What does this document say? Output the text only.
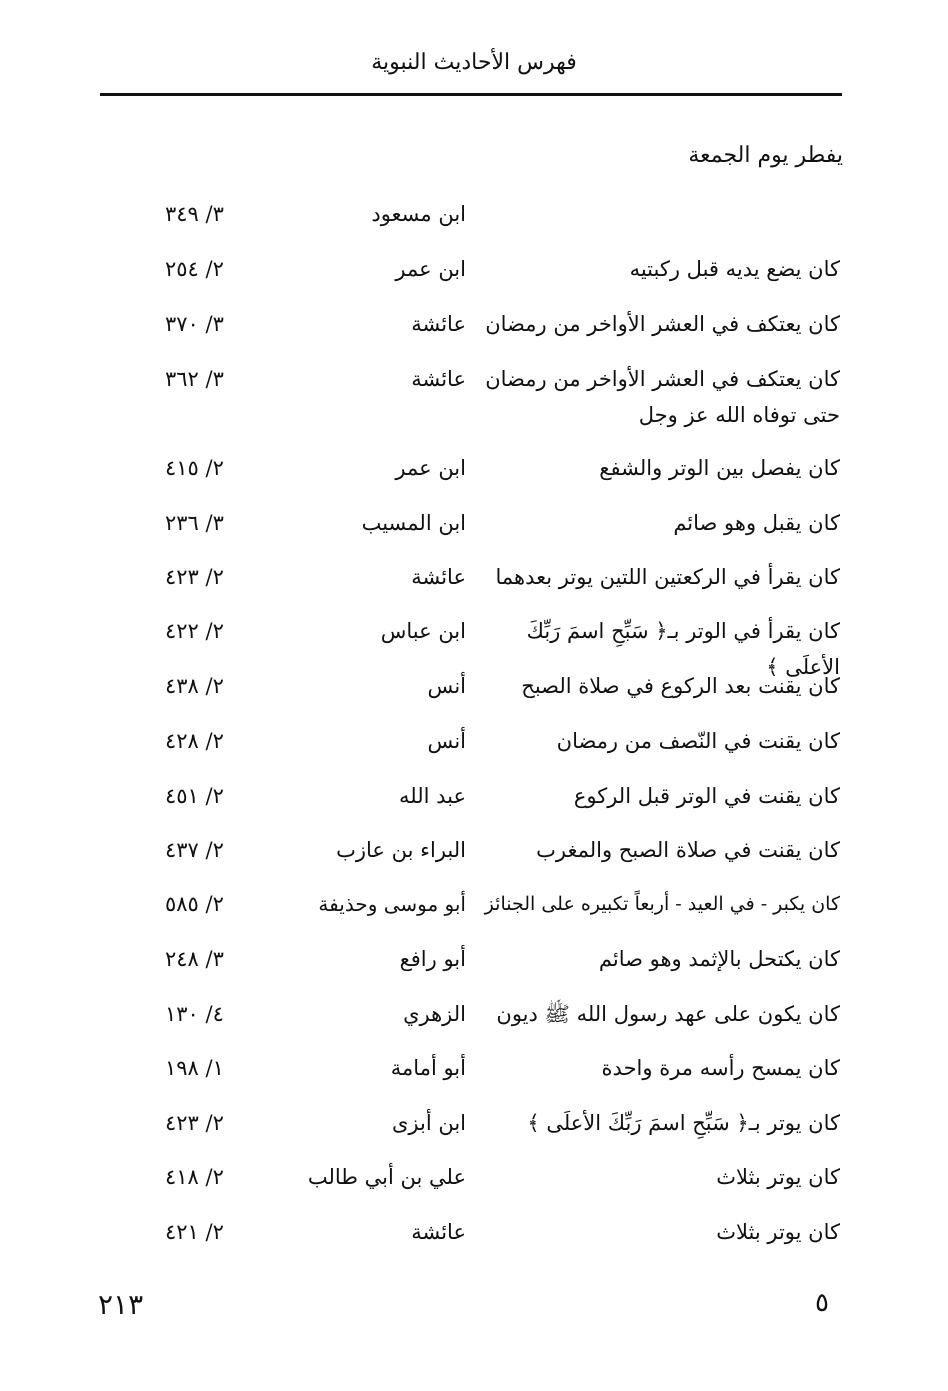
فهرس الأحاديث النبوية
يفطر يوم الجمعة
ابن مسعود
٣/ ٣٤٩
كان يضع يديه قبل ركبتيه
ابن عمر
٢/ ٢٥٤
كان يعتكف في العشر الأواخر من رمضان
عائشة
٣/ ٣٧٠
كان يعتكف في العشر الأواخر من رمضان حتى توفاه الله عز وجل
عائشة
٣/ ٣٦٢
كان يفصل بين الوتر والشفع
ابن عمر
٢/ ٤١٥
كان يقبل وهو صائم
ابن المسيب
٣/ ٢٣٦
كان يقرأ في الركعتين اللتين يوتر بعدهما
عائشة
٢/ ٤٢٣
كان يقرأ في الوتر بـ﴿ سَبِّحِ اسمَ رَبِّكَ الأعلَى ﴾
ابن عباس
٢/ ٤٢٢
كان يقنت بعد الركوع في صلاة الصبح
أنس
٢/ ٤٣٨
كان يقنت في النّصف من رمضان
أنس
٢/ ٤٢٨
كان يقنت في الوتر قبل الركوع
عبد الله
٢/ ٤٥١
كان يقنت في صلاة الصبح والمغرب
البراء بن عازب
٢/ ٤٣٧
كان يكبر - في العيد - أربعاً تكبيره على الجنائز
أبو موسى وحذيفة
٢/ ٥٨٥
كان يكتحل بالإثمد وهو صائم
أبو رافع
٣/ ٢٤٨
كان يكون على عهد رسول الله ﷺ ديون
الزهري
٤/ ١٣٠
كان يمسح رأسه مرة واحدة
أبو أمامة
١/ ١٩٨
كان يوتر بـ﴿ سَبِّحِ اسمَ رَبِّكَ الأعلَى ﴾
ابن أبزى
٢/ ٤٢٣
كان يوتر بثلاث
علي بن أبي طالب
٢/ ٤١٨
كان يوتر بثلاث
عائشة
٢/ ٤٢١
٢١٣	٥
